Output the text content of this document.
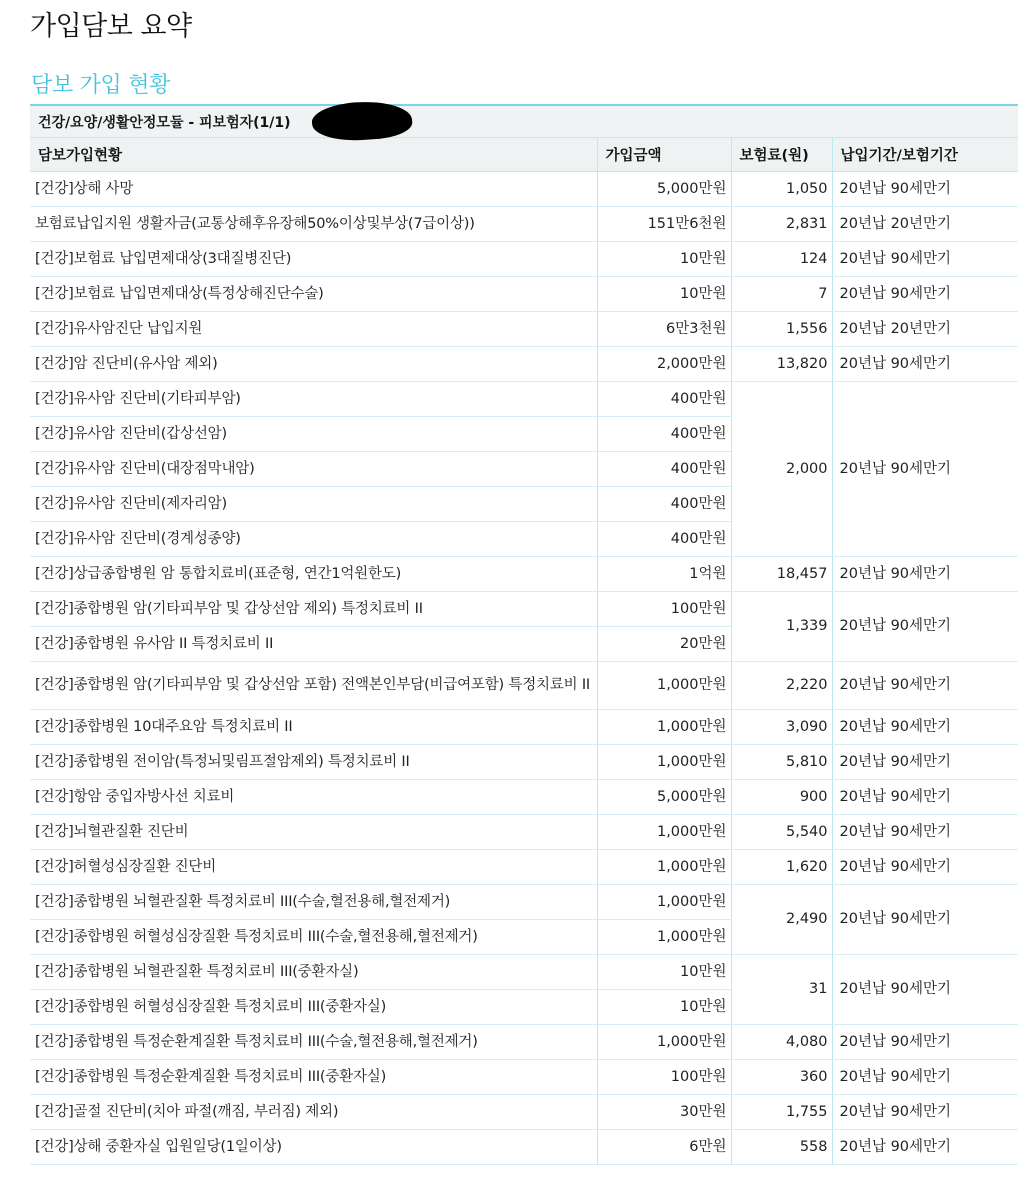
가입담보 요약
담보 가입 현황
건강/요양/생활안정모듈 - 피보험자(1/1)
담보가입현황	가입금액	보험료(원)	납입기간/보험기간
[건강]상해 사망	5,000만원	1,050	20년납 90세만기
보험료납입지원 생활자금(교통상해후유장해50%이상및부상(7급이상))	151만6천원	2,831	20년납 20년만기
[건강]보험료 납입면제대상(3대질병진단)	10만원	124	20년납 90세만기
[건강]보험료 납입면제대상(특정상해진단수술)	10만원	7	20년납 90세만기
[건강]유사암진단 납입지원	6만3천원	1,556	20년납 20년만기
[건강]암 진단비(유사암 제외)	2,000만원	13,820	20년납 90세만기
[건강]유사암 진단비(기타피부암)	400만원	2,000	20년납 90세만기
[건강]유사암 진단비(갑상선암)	400만원		
[건강]유사암 진단비(대장점막내암)	400만원		
[건강]유사암 진단비(제자리암)	400만원		
[건강]유사암 진단비(경계성종양)	400만원		
[건강]상급종합병원 암 통합치료비(표준형, 연간1억원한도)	1억원	18,457	20년납 90세만기
[건강]종합병원 암(기타피부암 및 갑상선암 제외) 특정치료비 II	100만원	1,339	20년납 90세만기
[건강]종합병원 유사암 II 특정치료비 II	20만원		
[건강]종합병원 암(기타피부암 및 갑상선암 포함) 전액본인부담(비급여포함) 특정치료비 II	1,000만원	2,220	20년납 90세만기
[건강]종합병원 10대주요암 특정치료비 II	1,000만원	3,090	20년납 90세만기
[건강]종합병원 전이암(특정뇌및림프절암제외) 특정치료비 II	1,000만원	5,810	20년납 90세만기
[건강]항암 중입자방사선 치료비	5,000만원	900	20년납 90세만기
[건강]뇌혈관질환 진단비	1,000만원	5,540	20년납 90세만기
[건강]허혈성심장질환 진단비	1,000만원	1,620	20년납 90세만기
[건강]종합병원 뇌혈관질환 특정치료비 III(수술,혈전용해,혈전제거)	1,000만원	2,490	20년납 90세만기
[건강]종합병원 허혈성심장질환 특정치료비 III(수술,혈전용해,혈전제거)	1,000만원		
[건강]종합병원 뇌혈관질환 특정치료비 III(중환자실)	10만원	31	20년납 90세만기
[건강]종합병원 허혈성심장질환 특정치료비 III(중환자실)	10만원		
[건강]종합병원 특정순환계질환 특정치료비 III(수술,혈전용해,혈전제거)	1,000만원	4,080	20년납 90세만기
[건강]종합병원 특정순환계질환 특정치료비 III(중환자실)	100만원	360	20년납 90세만기
[건강]골절 진단비(치아 파절(깨짐, 부러짐) 제외)	30만원	1,755	20년납 90세만기
[건강]상해 중환자실 입원일당(1일이상)	6만원	558	20년납 90세만기
